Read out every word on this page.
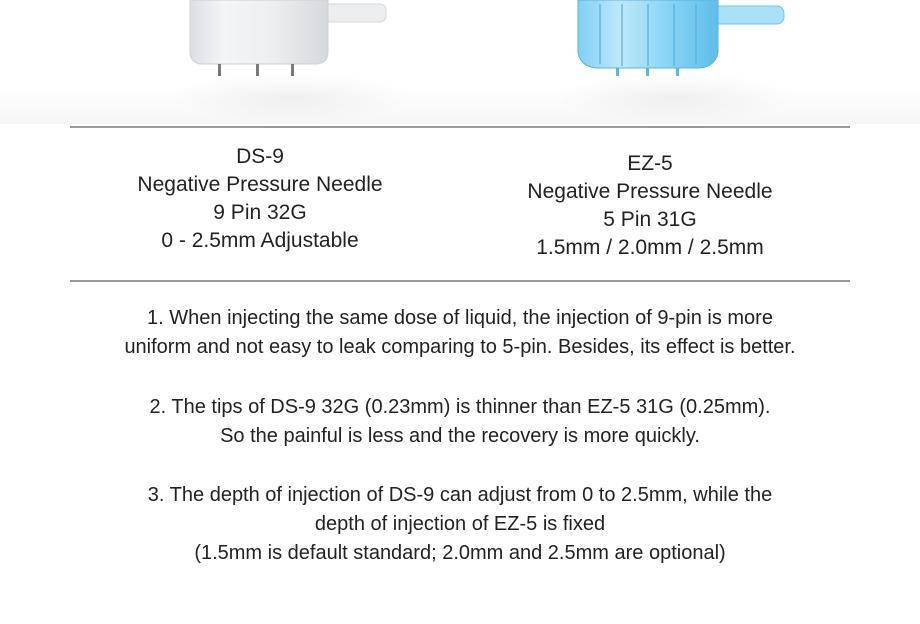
DS-9
Negative Pressure Needle
9 Pin 32G
0 - 2.5mm Adjustable
EZ-5
Negative Pressure Needle
5 Pin 31G
1.5mm / 2.0mm / 2.5mm
1. When injecting the same dose of liquid, the injection of 9-pin is more
uniform and not easy to leak comparing to 5-pin. Besides, its effect is better.
2. The tips of DS-9 32G (0.23mm) is thinner than EZ-5 31G (0.25mm).
So the painful is less and the recovery is more quickly.
3. The depth of injection of DS-9 can adjust from 0 to 2.5mm, while the
depth of injection of EZ-5 is fixed
(1.5mm is default standard; 2.0mm and 2.5mm are optional)
